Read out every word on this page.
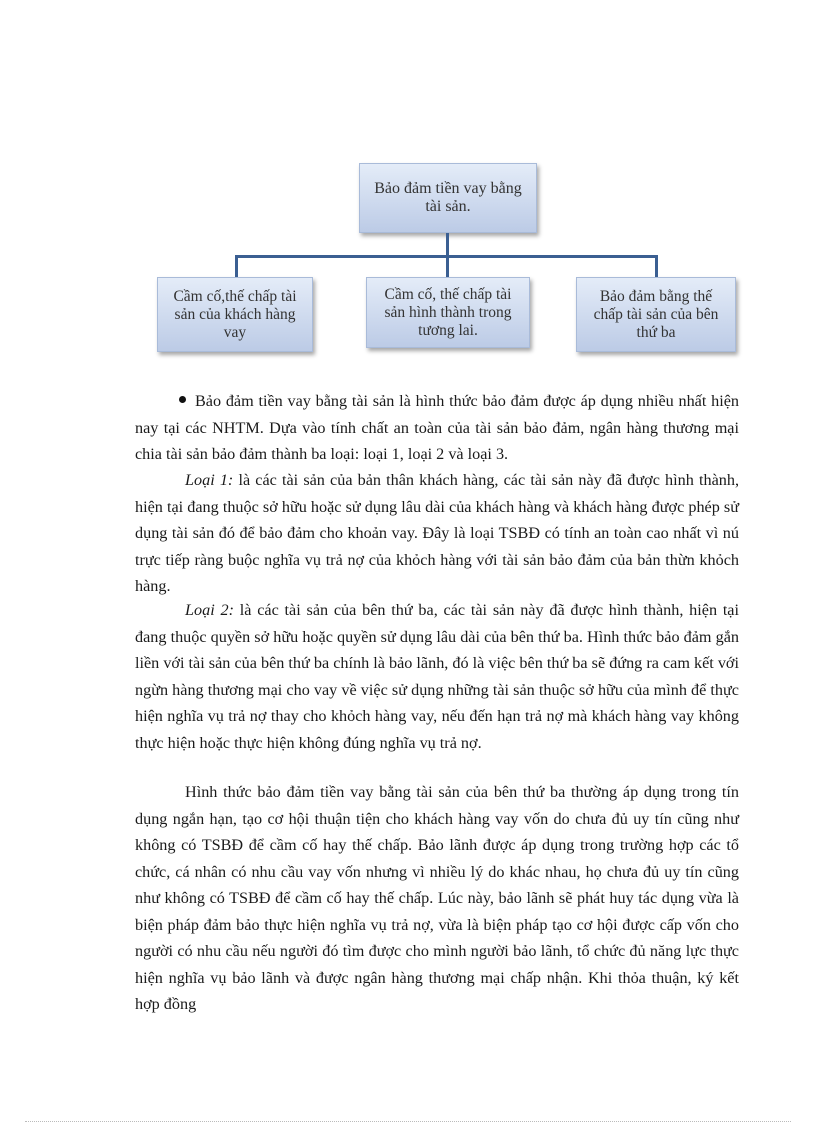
Bảo đảm tiền vay bằng tài sản.
Cầm cố,thế chấp tài sản của khách hàng vay
Cầm cố, thế chấp tài sản hình thành trong tương lai.
Bảo đảm bằng thế chấp tài sản của bên thứ ba

Bảo đảm tiền vay bằng tài sản là hình thức bảo đảm được áp dụng nhiều nhất hiện nay tại các NHTM. Dựa vào tính chất an toàn của tài sản bảo đảm, ngân hàng thương mại chia tài sản bảo đảm thành ba loại: loại 1, loại 2 và loại 3.

Loại 1: là các tài sản của bản thân khách hàng, các tài sản này đã được hình thành, hiện tại đang thuộc sở hữu hoặc sử dụng lâu dài của khách hàng và khách hàng được phép sử dụng tài sản đó để bảo đảm cho khoản vay. Đây là loại TSBĐ có tính an toàn cao nhất vì nú trực tiếp ràng buộc nghĩa vụ trả nợ của khỏch hàng với tài sản bảo đảm của bản thừn khỏch hàng.

Loại 2: là các tài sản của bên thứ ba, các tài sản này đã được hình thành, hiện tại đang thuộc quyền sở hữu hoặc quyền sử dụng lâu dài của bên thứ ba. Hình thức bảo đảm gắn liền với tài sản của bên thứ ba chính là bảo lãnh, đó là việc bên thứ ba sẽ đứng ra cam kết với ngừn hàng thương mại cho vay về việc sử dụng những tài sản thuộc sở hữu của mình để thực hiện nghĩa vụ trả nợ thay cho khỏch hàng vay, nếu đến hạn trả nợ mà khách hàng vay không thực hiện hoặc thực hiện không đúng nghĩa vụ trả nợ.

Hình thức bảo đảm tiền vay bằng tài sản của bên thứ ba thường áp dụng trong tín dụng ngắn hạn, tạo cơ hội thuận tiện cho khách hàng vay vốn do chưa đủ uy tín cũng như không có TSBĐ để cầm cố hay thế chấp. Bảo lãnh được áp dụng trong trường hợp các tổ chức, cá nhân có nhu cầu vay vốn nhưng vì nhiều lý do khác nhau, họ chưa đủ uy tín cũng như không có TSBĐ để cầm cố hay thế chấp. Lúc này, bảo lãnh sẽ phát huy tác dụng vừa là biện pháp đảm bảo thực hiện nghĩa vụ trả nợ, vừa là biện pháp tạo cơ hội được cấp vốn cho người có nhu cầu nếu người đó tìm được cho mình người bảo lãnh, tổ chức đủ năng lực thực hiện nghĩa vụ bảo lãnh và được ngân hàng thương mại chấp nhận. Khi thỏa thuận, ký kết hợp đồng
